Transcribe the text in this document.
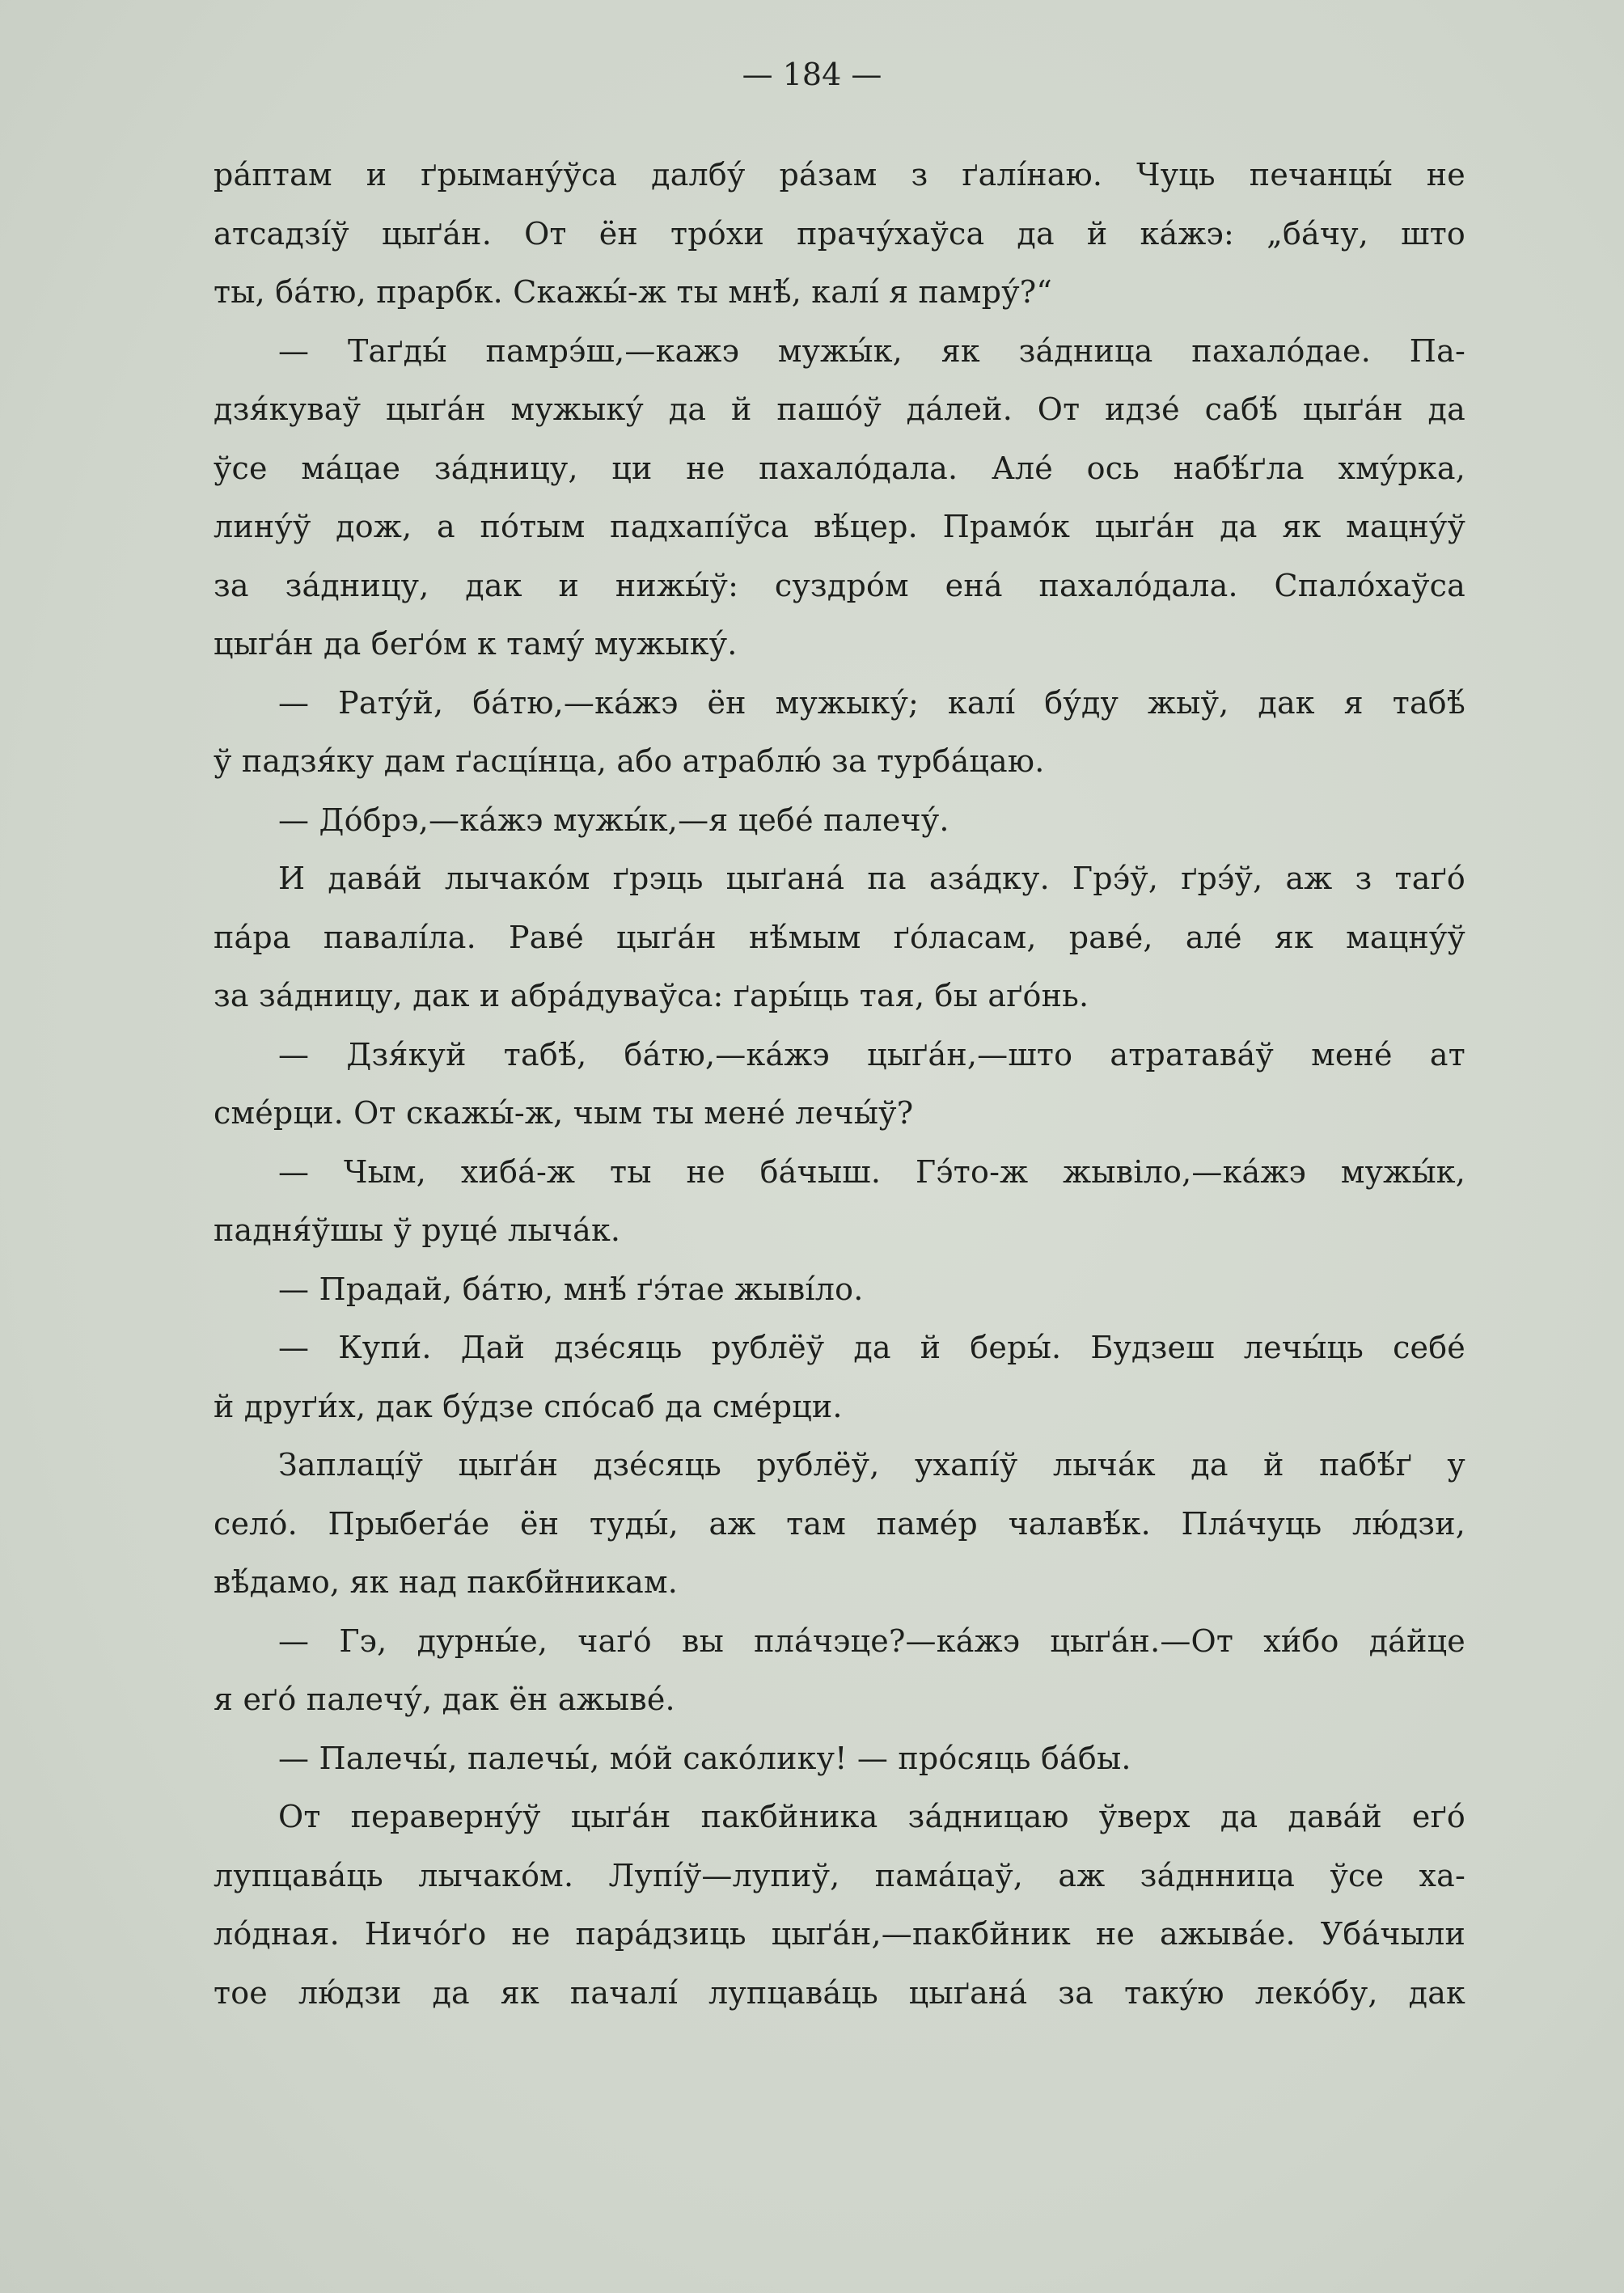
— 184 —
ра́птам и ґрыману́ўса далбу́ ра́зам з ґалі́наю. Чуць печанцы́ не
атсадзі́ў цыґа́н. От ён тро́хи прачу́хаўса да й ка́жэ: „ба́чу, што
ты, ба́тю, прарбк. Скажы́-ж ты мнѣ́, калі́ я памру́?“
— Таґды́ памрэ́ш,—кажэ мужы́к, як за́дница пахало́дае. Па-
дзя́куваў цыґа́н мужыку́ да й пашо́ў да́лей. От идзе́ сабѣ́ цыґа́н да
ўсе ма́цае за́дницу, ци не пахало́дала. Але́ ось набѣ́ґла хму́рка,
лину́ў дож, а по́тым падхапі́ўса вѣ́цер. Прамо́к цыґа́н да як мацну́ў
за за́дницу, дак и нижы́ў: суздро́м ена́ пахало́дала. Спало́хаўса
цыґа́н да беґо́м к таму́ мужыку́.
— Рату́й, ба́тю,—ка́жэ ён мужыку́; калі́ бу́ду жыў, дак я табѣ́
ў падзя́ку дам ґасці́нца, або атраблю́ за турба́цаю.
— До́брэ,—ка́жэ мужы́к,—я цебе́ палечу́.
И дава́й лычако́м ґрэць цыґана́ па аза́дку. Грэ́ў, ґрэ́ў, аж з таґо́
па́ра павалі́ла. Раве́ цыґа́н нѣ́мым ґо́ласам, раве́, але́ як мацну́ў
за за́дницу, дак и абра́дуваўса: ґары́ць тая, бы аґо́нь.
— Дзя́куй табѣ́, ба́тю,—ка́жэ цыґа́н,—што атратава́ў мене́ ат
сме́рци. От скажы́-ж, чым ты мене́ лечы́ў?
— Чым, хиба́-ж ты не ба́чыш. Гэ́то-ж жывіло,—ка́жэ мужы́к,
падня́ўшы ў руце́ лыча́к.
— Прадай, ба́тю, мнѣ́ ґэ́тае жыві́ло.
— Купи́. Дай дзе́сяць рублёў да й беры́. Будзеш лечы́ць себе́
й друґи́х, дак бу́дзе спо́саб да сме́рци.
Заплаці́ў цыґа́н дзе́сяць рублёў, ухапі́ў лыча́к да й пабѣ́ґ у
село́. Прыбеґа́е ён туды́, аж там паме́р чалавѣ́к. Пла́чуць лю́дзи,
вѣ́дамо, як над пакбйникам.
— Гэ, дурны́е, чаґо́ вы пла́чэце?—ка́жэ цыґа́н.—От хи́бо да́йце
я еґо́ палечу́, дак ён ажыве́.
— Палечы́, палечы́, мо́й сако́лику! — про́сяць ба́бы.
От пераверну́ў цыґа́н пакбйника за́дницаю ўверх да дава́й еґо́
лупцава́ць лычако́м. Лупі́ў—лупиў, пама́цаў, аж за́днница ўсе ха-
ло́дная. Ничо́ґо не пара́дзиць цыґа́н,—пакбйник не ажыва́е. Уба́чыли
тое лю́дзи да як пачалі́ лупцава́ць цыґана́ за таку́ю леко́бу, дак
